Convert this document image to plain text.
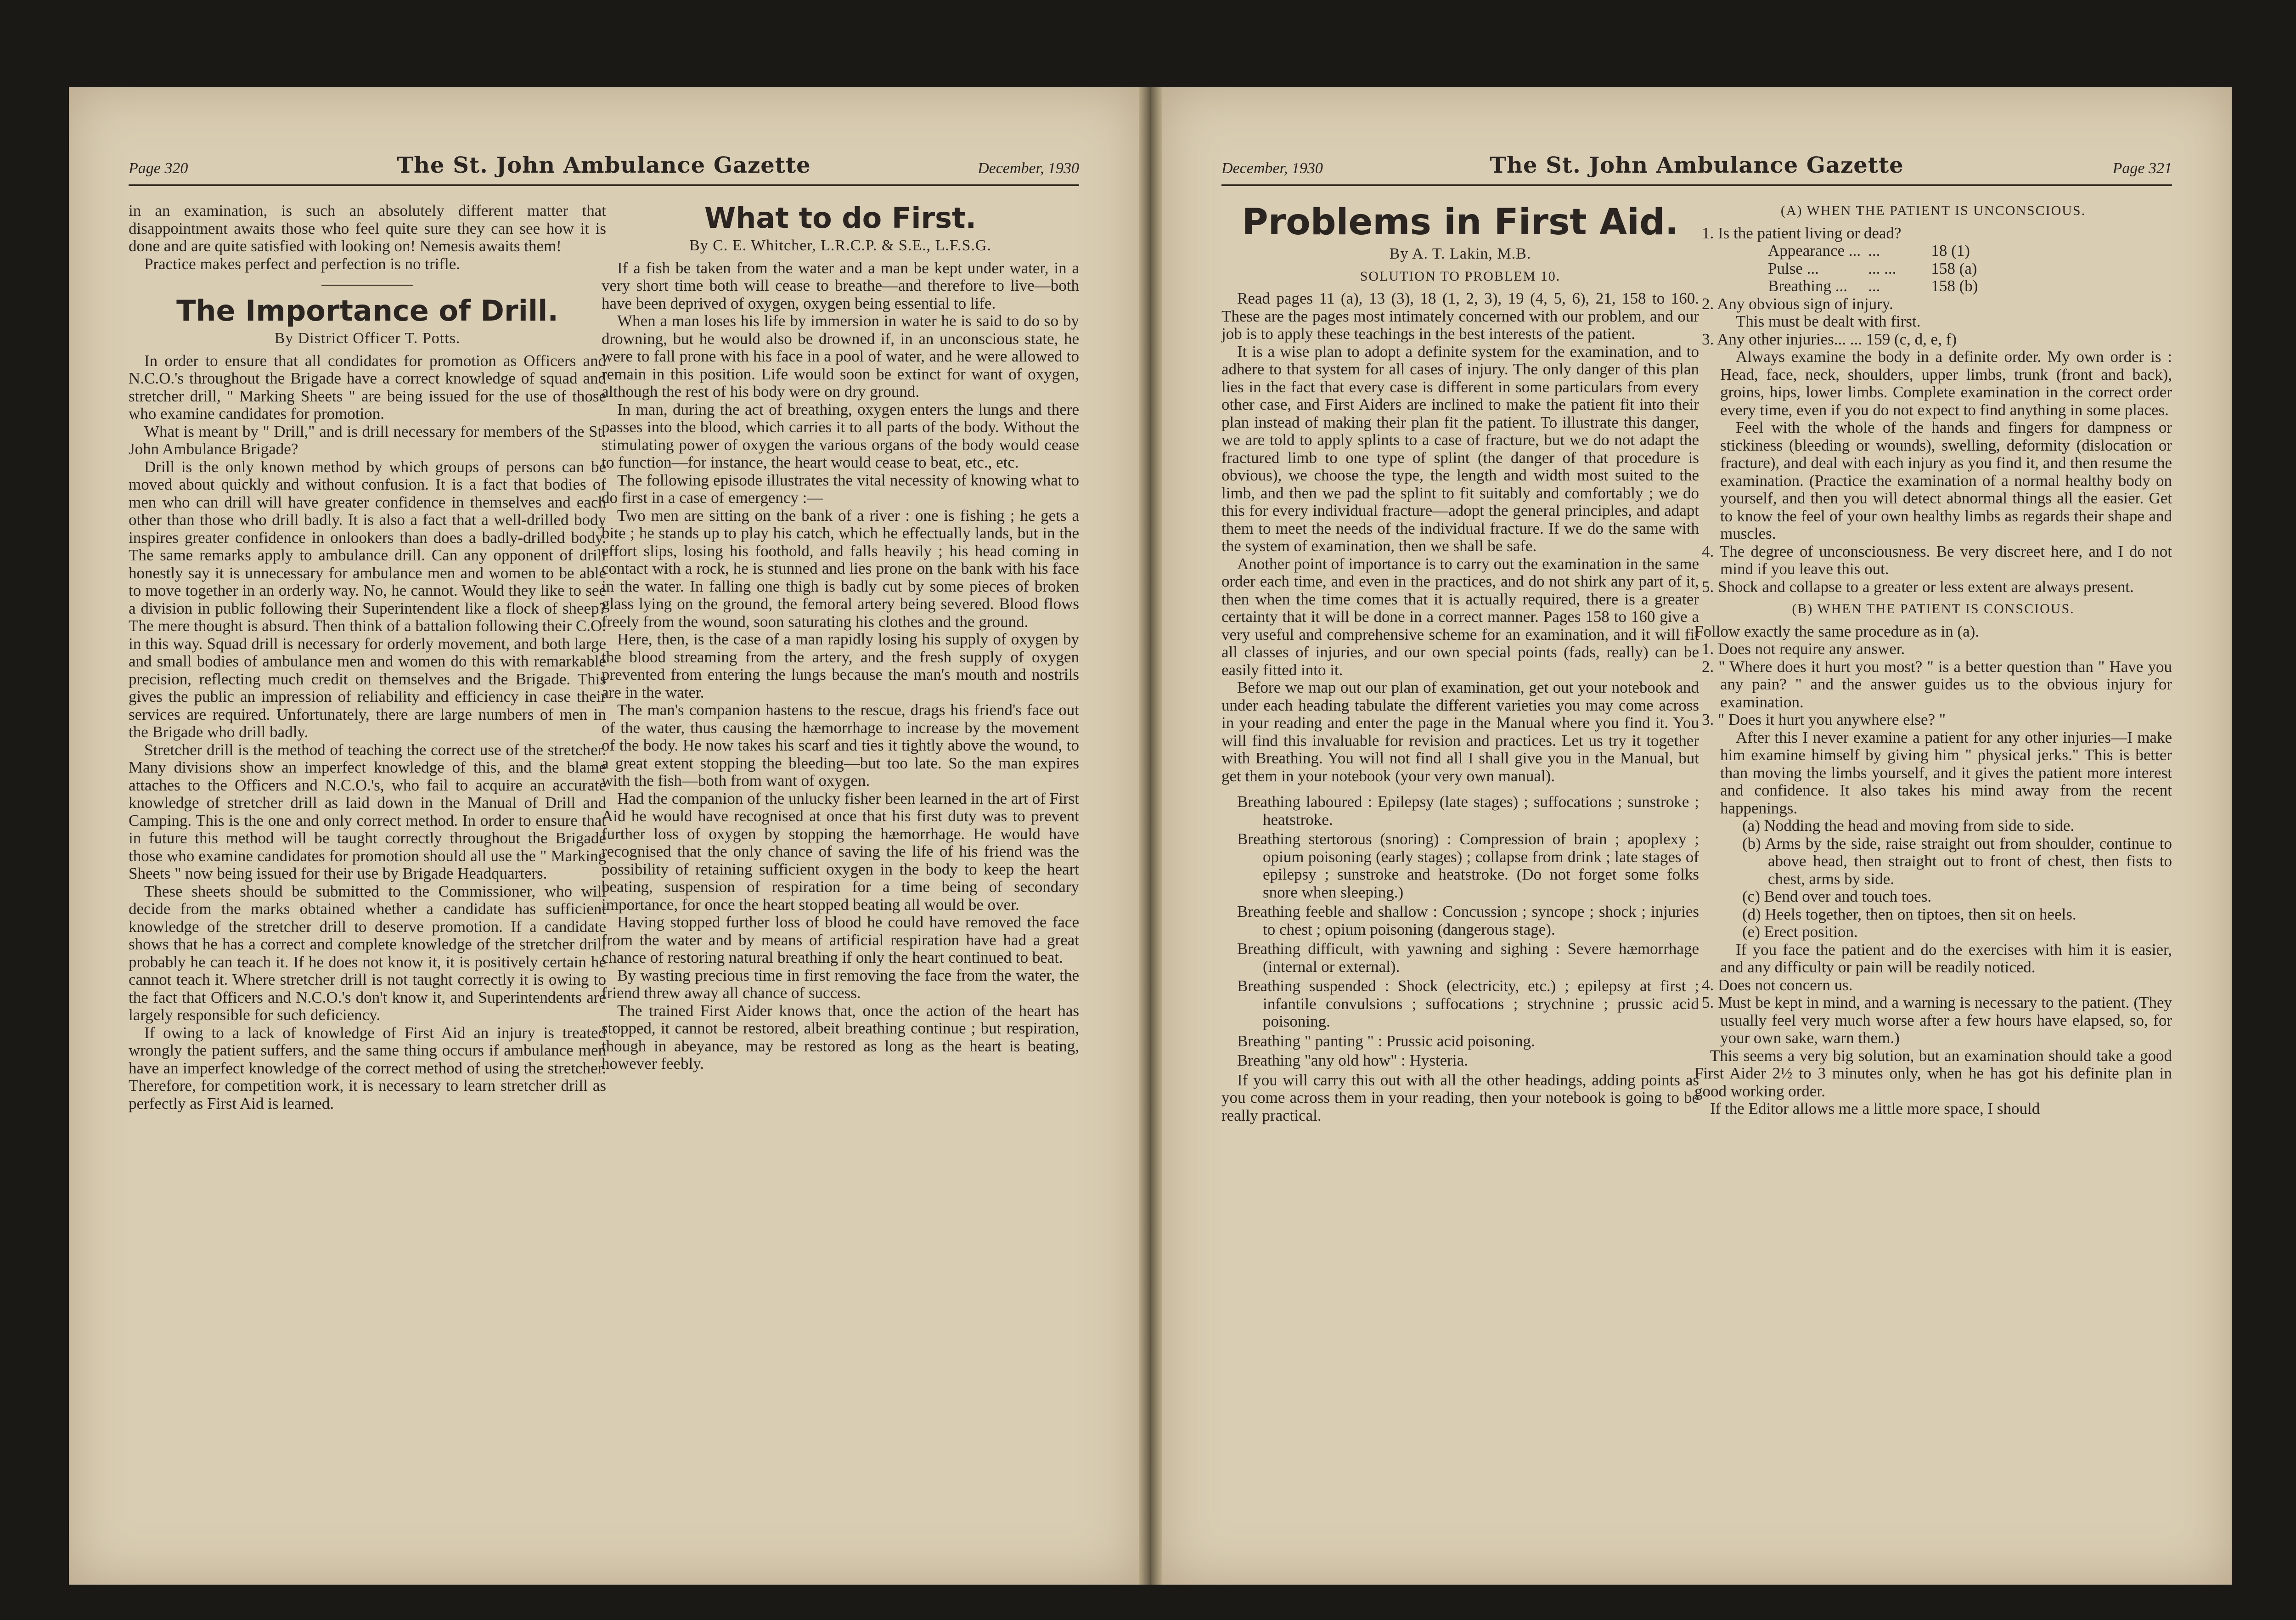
Page 320	The St. John Ambulance Gazette	December, 1930

in an examination, is such an absolutely different matter that disappointment awaits those who feel quite sure they can see how it is done and are quite satisfied with looking on! Nemesis awaits them!

Practice makes perfect and perfection is no trifle.

The Importance of Drill.
By District Officer T. Potts.

In order to ensure that all condidates for promotion as Officers and N.C.O.'s throughout the Brigade have a correct knowledge of squad and stretcher drill, " Marking Sheets " are being issued for the use of those who examine candidates for promotion.

What is meant by " Drill," and is drill necessary for members of the St. John Ambulance Brigade?

Drill is the only known method by which groups of persons can be moved about quickly and without confusion. It is a fact that bodies of men who can drill will have greater confidence in themselves and each other than those who drill badly. It is also a fact that a well-drilled body inspires greater confidence in onlookers than does a badly-drilled body. The same remarks apply to ambulance drill. Can any opponent of drill honestly say it is unnecessary for ambulance men and women to be able to move together in an orderly way. No, he cannot. Would they like to see a division in public following their Superintendent like a flock of sheep? The mere thought is absurd. Then think of a battalion following their C.O. in this way. Squad drill is necessary for orderly movement, and both large and small bodies of ambulance men and women do this with remarkable precision, reflecting much credit on themselves and the Brigade. This gives the public an impression of reliability and efficiency in case their services are required. Unfortunately, there are large numbers of men in the Brigade who drill badly.

Stretcher drill is the method of teaching the correct use of the stretcher. Many divisions show an imperfect knowledge of this, and the blame attaches to the Officers and N.C.O.'s, who fail to acquire an accurate knowledge of stretcher drill as laid down in the Manual of Drill and Camping. This is the one and only correct method. In order to ensure that in future this method will be taught correctly throughout the Brigade those who examine candidates for promotion should all use the " Marking Sheets " now being issued for their use by Brigade Headquarters.

These sheets should be submitted to the Commissioner, who will decide from the marks obtained whether a candidate has sufficient knowledge of the stretcher drill to deserve promotion. If a candidate shows that he has a correct and complete knowledge of the stretcher drill probably he can teach it. If he does not know it, it is positively certain he cannot teach it. Where stretcher drill is not taught correctly it is owing to the fact that Officers and N.C.O.'s don't know it, and Superintendents are largely responsible for such deficiency.

If owing to a lack of knowledge of First Aid an injury is treated wrongly the patient suffers, and the same thing occurs if ambulance men have an imperfect knowledge of the correct method of using the stretcher. Therefore, for competition work, it is necessary to learn stretcher drill as perfectly as First Aid is learned.

What to do First.
By C. E. Whitcher, L.R.C.P. & S.E., L.F.S.G.

If a fish be taken from the water and a man be kept under water, in a very short time both will cease to breathe—and therefore to live—both have been deprived of oxygen, oxygen being essential to life.

When a man loses his life by immersion in water he is said to do so by drowning, but he would also be drowned if, in an unconscious state, he were to fall prone with his face in a pool of water, and he were allowed to remain in this position. Life would soon be extinct for want of oxygen, although the rest of his body were on dry ground.

In man, during the act of breathing, oxygen enters the lungs and there passes into the blood, which carries it to all parts of the body. Without the stimulating power of oxygen the various organs of the body would cease to function—for instance, the heart would cease to beat, etc., etc.

The following episode illustrates the vital necessity of knowing what to do first in a case of emergency :—

Two men are sitting on the bank of a river : one is fishing ; he gets a bite ; he stands up to play his catch, which he effectually lands, but in the effort slips, losing his foothold, and falls heavily ; his head coming in contact with a rock, he is stunned and lies prone on the bank with his face in the water. In falling one thigh is badly cut by some pieces of broken glass lying on the ground, the femoral artery being severed. Blood flows freely from the wound, soon saturating his clothes and the ground.

Here, then, is the case of a man rapidly losing his supply of oxygen by the blood streaming from the artery, and the fresh supply of oxygen prevented from entering the lungs because the man's mouth and nostrils are in the water.

The man's companion hastens to the rescue, drags his friend's face out of the water, thus causing the hæmorrhage to increase by the movement of the body. He now takes his scarf and ties it tightly above the wound, to a great extent stopping the bleeding—but too late. So the man expires with the fish—both from want of oxygen.

Had the companion of the unlucky fisher been learned in the art of First Aid he would have recognised at once that his first duty was to prevent further loss of oxygen by stopping the hæmorrhage. He would have recognised that the only chance of saving the life of his friend was the possibility of retaining sufficient oxygen in the body to keep the heart beating, suspension of respiration for a time being of secondary importance, for once the heart stopped beating all would be over.

Having stopped further loss of blood he could have removed the face from the water and by means of artificial respiration have had a great chance of restoring natural breathing if only the heart continued to beat.

By wasting precious time in first removing the face from the water, the friend threw away all chance of success.

The trained First Aider knows that, once the action of the heart has stopped, it cannot be restored, albeit breathing continue ; but respiration, though in abeyance, may be restored as long as the heart is beating, however feebly.

December, 1930	The St. John Ambulance Gazette	Page 321
Problems in First Aid.
By A. T. Lakin, M.B.
SOLUTION TO PROBLEM 10.

Read pages 11 (a), 13 (3), 18 (1, 2, 3), 19 (4, 5, 6), 21, 158 to 160. These are the pages most intimately concerned with our problem, and our job is to apply these teachings in the best interests of the patient.

It is a wise plan to adopt a definite system for the examination, and to adhere to that system for all cases of injury. The only danger of this plan lies in the fact that every case is different in some particulars from every other case, and First Aiders are inclined to make the patient fit into their plan instead of making their plan fit the patient. To illustrate this danger, we are told to apply splints to a case of fracture, but we do not adapt the fractured limb to one type of splint (the danger of that procedure is obvious), we choose the type, the length and width most suited to the limb, and then we pad the splint to fit suitably and comfortably ; we do this for every individual fracture—adopt the general principles, and adapt them to meet the needs of the individual fracture. If we do the same with the system of examination, then we shall be safe.

Another point of importance is to carry out the examination in the same order each time, and even in the practices, and do not shirk any part of it, then when the time comes that it is actually required, there is a greater certainty that it will be done in a correct manner. Pages 158 to 160 give a very useful and comprehensive scheme for an examination, and it will fit all classes of injuries, and our own special points (fads, really) can be easily fitted into it.

Before we map out our plan of examination, get out your notebook and under each heading tabulate the different varieties you may come across in your reading and enter the page in the Manual where you find it. You will find this invaluable for revision and practices. Let us try it together with Breathing. You will not find all I shall give you in the Manual, but get them in your notebook (your very own manual).

Breathing laboured : Epilepsy (late stages) ; suffocations ; sunstroke ; heatstroke.

Breathing stertorous (snoring) : Compression of brain ; apoplexy ; opium poisoning (early stages) ; collapse from drink ; late stages of epilepsy ; sunstroke and heatstroke. (Do not forget some folks snore when sleeping.)

Breathing feeble and shallow : Concussion ; syncope ; shock ; injuries to chest ; opium poisoning (dangerous stage).

Breathing difficult, with yawning and sighing : Severe hæmorrhage (internal or external).

Breathing suspended : Shock (electricity, etc.) ; epilepsy at first ; infantile convulsions ; suffocations ; strychnine ; prussic acid poisoning.

Breathing " panting " : Prussic acid poisoning.

Breathing "any old how" : Hysteria.

If you will carry this out with all the other headings, adding points as you come across them in your reading, then your notebook is going to be really practical.

(A) WHEN THE PATIENT IS UNCONSCIOUS.

1. Is the patient living or dead?

Appearance ...	...	18 (1)
Pulse ...	... ...	158 (a)
Breathing ...	...	158 (b)

2. Any obvious sign of injury.

This must be dealt with first.

3. Any other injuries... ... 159 (c, d, e, f)

Always examine the body in a definite order. My own order is : Head, face, neck, shoulders, upper limbs, trunk (front and back), groins, hips, lower limbs. Complete examination in the correct order every time, even if you do not expect to find anything in some places.

Feel with the whole of the hands and fingers for dampness or stickiness (bleeding or wounds), swelling, deformity (dislocation or fracture), and deal with each injury as you find it, and then resume the examination. (Practice the examination of a normal healthy body on yourself, and then you will detect abnormal things all the easier. Get to know the feel of your own healthy limbs as regards their shape and muscles.

4. The degree of unconsciousness. Be very discreet here, and I do not mind if you leave this out.

5. Shock and collapse to a greater or less extent are always present.

(B) WHEN THE PATIENT IS CONSCIOUS.

Follow exactly the same procedure as in (a).

1. Does not require any answer.

2. " Where does it hurt you most? " is a better question than " Have you any pain? " and the answer guides us to the obvious injury for examination.

3. " Does it hurt you anywhere else? "

After this I never examine a patient for any other injuries—I make him examine himself by giving him " physical jerks." This is better than moving the limbs yourself, and it gives the patient more interest and confidence. It also takes his mind away from the recent happenings.

(a) Nodding the head and moving from side to side.

(b) Arms by the side, raise straight out from shoulder, continue to above head, then straight out to front of chest, then fists to chest, arms by side.

(c) Bend over and touch toes.

(d) Heels together, then on tiptoes, then sit on heels.

(e) Erect position.

If you face the patient and do the exercises with him it is easier, and any difficulty or pain will be readily noticed.

4. Does not concern us.

5. Must be kept in mind, and a warning is necessary to the patient. (They usually feel very much worse after a few hours have elapsed, so, for your own sake, warn them.)

This seems a very big solution, but an examination should take a good First Aider 2½ to 3 minutes only, when he has got his definite plan in good working order.

If the Editor allows me a little more space, I should
